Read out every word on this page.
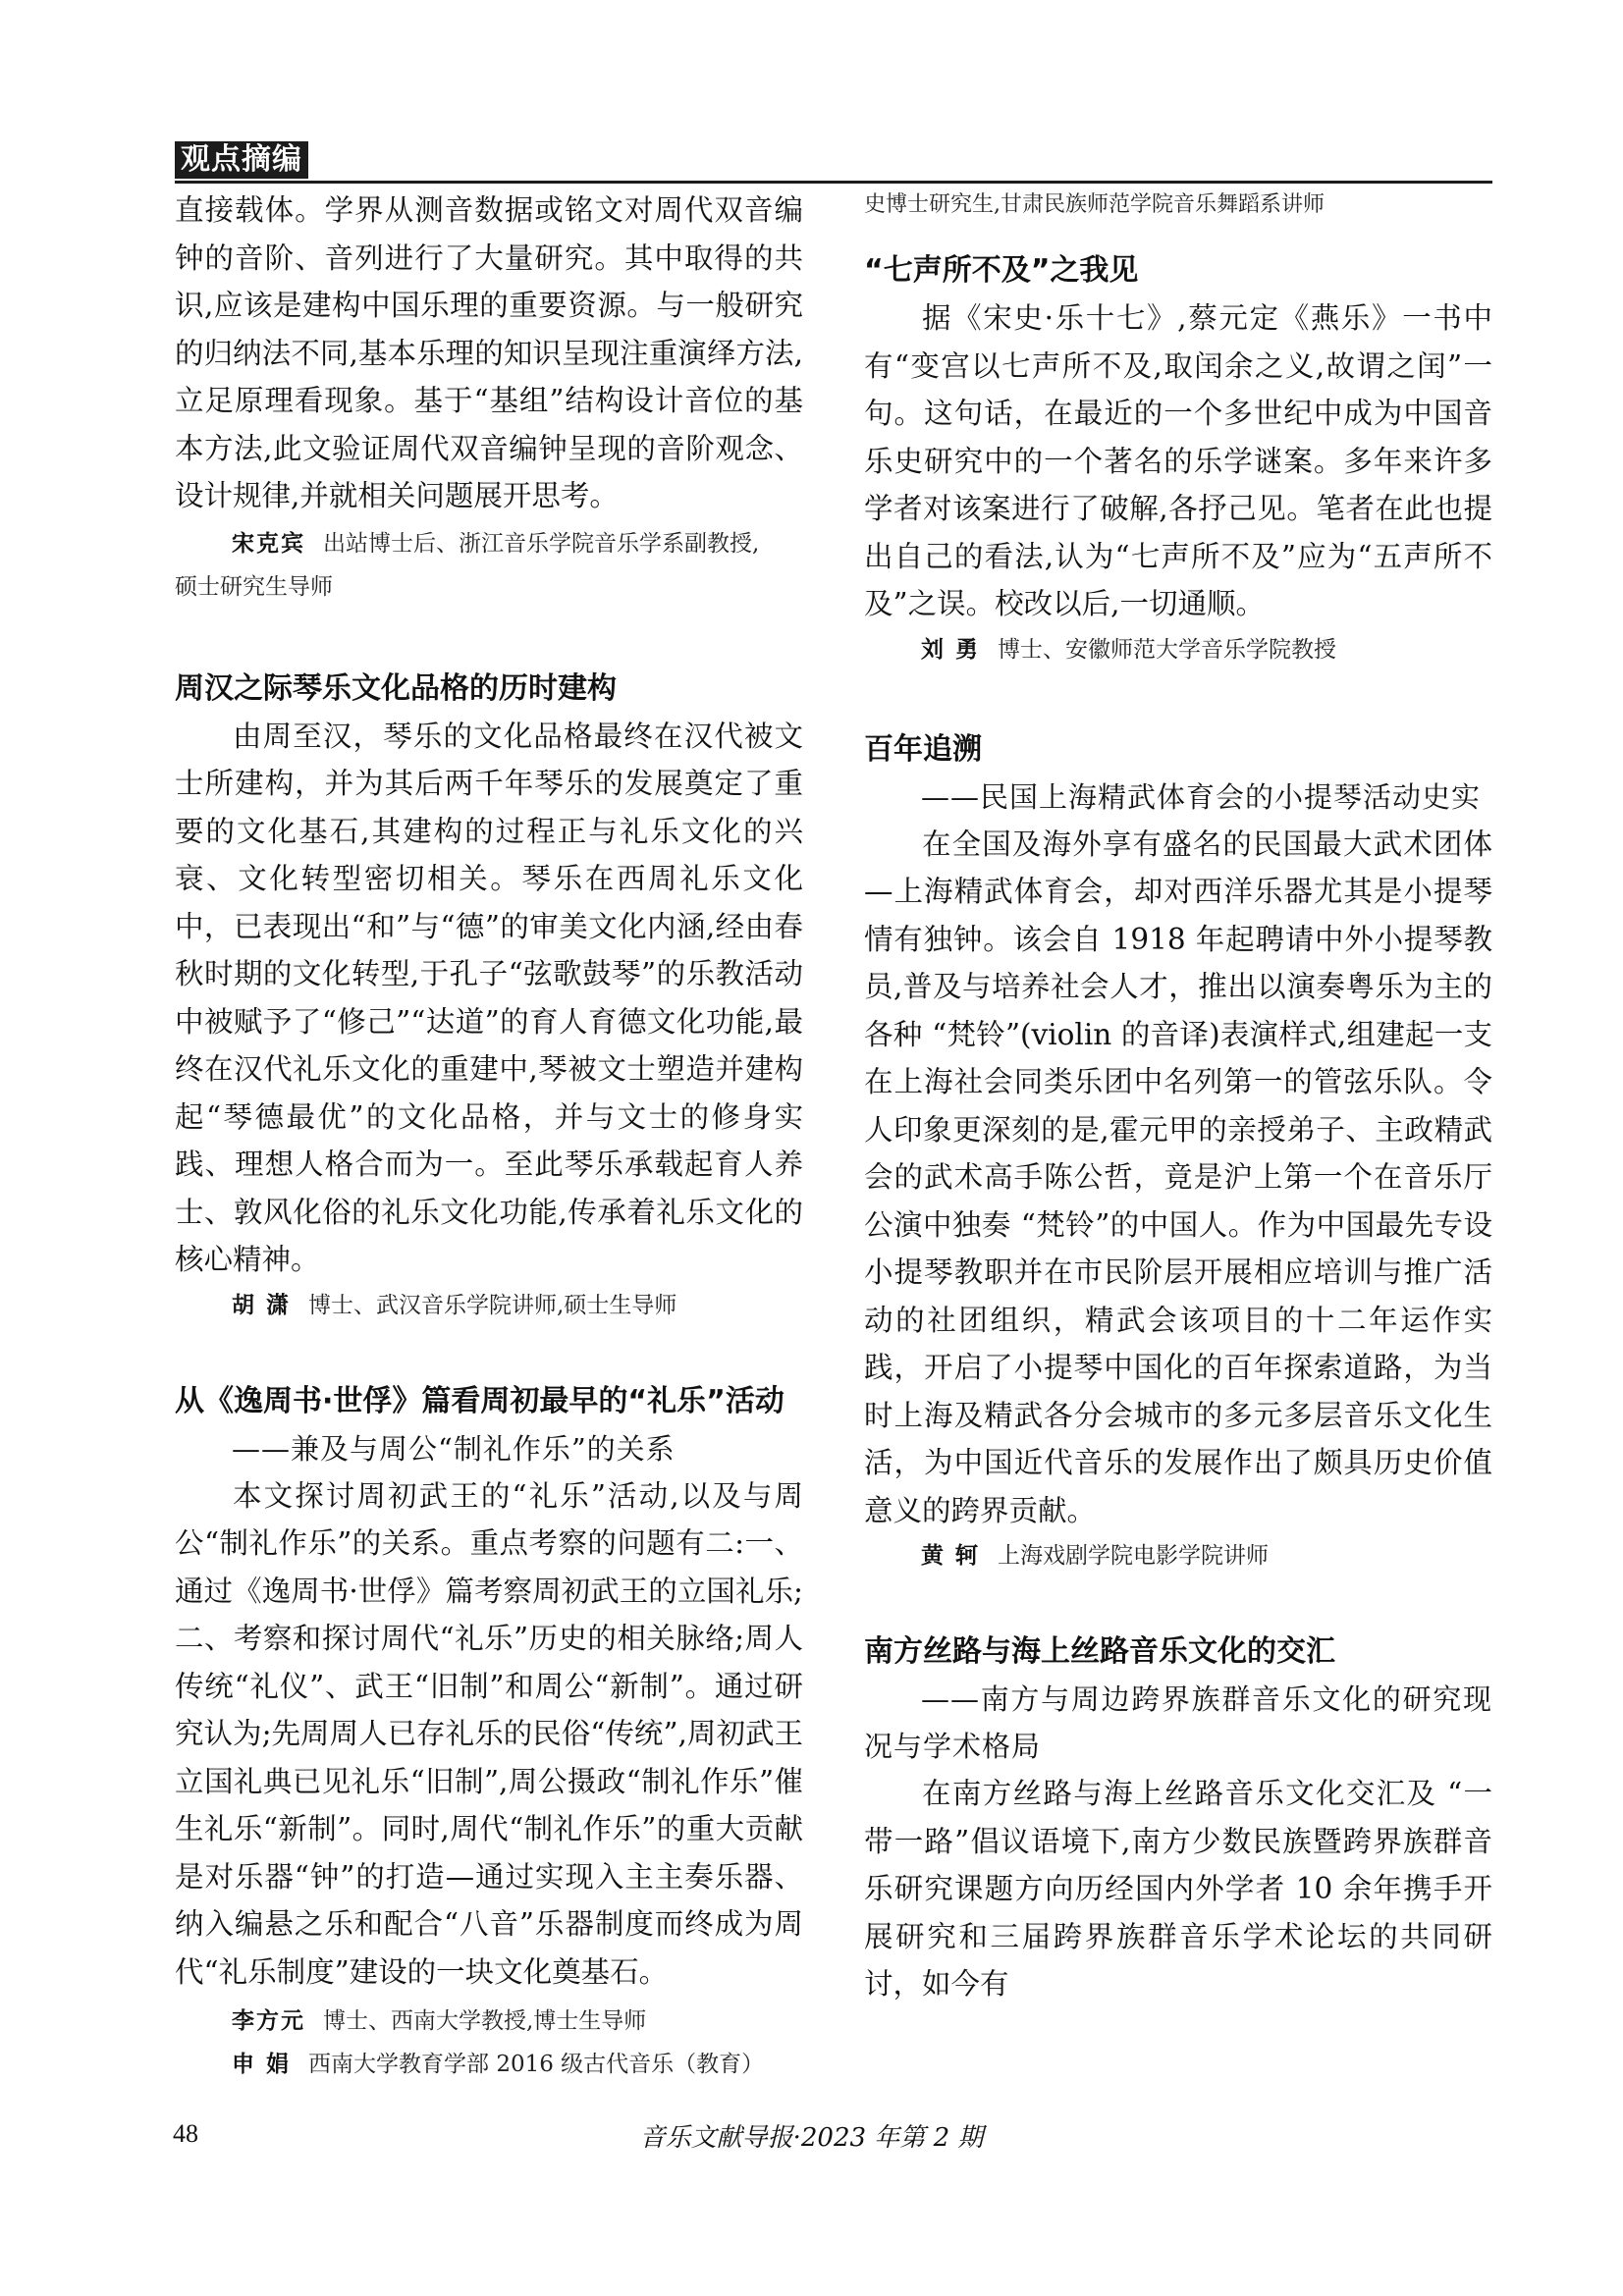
观点摘编

直接载体。学界从测音数据或铭文对周代双音编钟的音阶、音列进行了大量研究。其中取得的共识,应该是建构中国乐理的重要资源。与一般研究的归纳法不同,基本乐理的知识呈现注重演绎方法,立足原理看现象。基于“基组”结构设计音位的基本方法,此文验证周代双音编钟呈现的音阶观念、设计规律,并就相关问题展开思考。

宋克宾 出站博士后、浙江音乐学院音乐学系副教授,
硕士研究生导师
周汉之际琴乐文化品格的历时建构

由周至汉，琴乐的文化品格最终在汉代被文士所建构，并为其后两千年琴乐的发展奠定了重要的文化基石,其建构的过程正与礼乐文化的兴衰、文化转型密切相关。琴乐在西周礼乐文化中，已表现出“和”与“德”的审美文化内涵,经由春秋时期的文化转型,于孔子“弦歌鼓琴”的乐教活动中被赋予了“修己”“达道”的育人育德文化功能,最终在汉代礼乐文化的重建中,琴被文士塑造并建构起“琴德最优”的文化品格，并与文士的修身实践、理想人格合而为一。至此琴乐承载起育人养士、敦风化俗的礼乐文化功能,传承着礼乐文化的核心精神。

胡 潇 博士、武汉音乐学院讲师,硕士生导师
从《逸周书·世俘》篇看周初最早的“礼乐”活动
——兼及与周公“制礼作乐”的关系

本文探讨周初武王的“礼乐”活动,以及与周公“制礼作乐”的关系。重点考察的问题有二:一、通过《逸周书·世俘》篇考察周初武王的立国礼乐;二、考察和探讨周代“礼乐”历史的相关脉络;周人传统“礼仪”、武王“旧制”和周公“新制”。通过研究认为;先周周人已存礼乐的民俗“传统”,周初武王立国礼典已见礼乐“旧制”,周公摄政“制礼作乐”催生礼乐“新制”。同时,周代“制礼作乐”的重大贡献是对乐器“钟”的打造—通过实现入主主奏乐器、纳入编悬之乐和配合“八音”乐器制度而终成为周代“礼乐制度”建设的一块文化奠基石。

李方元 博士、西南大学教授,博士生导师
申 娟 西南大学教育学部 2016 级古代音乐（教育）
史博士研究生,甘肃民族师范学院音乐舞蹈系讲师
“七声所不及”之我见

据《宋史·乐十七》,蔡元定《燕乐》一书中有“变宫以七声所不及,取闰余之义,故谓之闰”一句。这句话，在最近的一个多世纪中成为中国音乐史研究中的一个著名的乐学谜案。多年来许多学者对该案进行了破解,各抒己见。笔者在此也提出自己的看法,认为“七声所不及”应为“五声所不及”之误。校改以后,一切通顺。

刘 勇 博士、安徽师范大学音乐学院教授
百年追溯
——民国上海精武体育会的小提琴活动史实

在全国及海外享有盛名的民国最大武术团体—上海精武体育会，却对西洋乐器尤其是小提琴情有独钟。该会自 1918 年起聘请中外小提琴教员,普及与培养社会人才，推出以演奏粤乐为主的各种 “梵铃”(violin 的音译)表演样式,组建起一支在上海社会同类乐团中名列第一的管弦乐队。令人印象更深刻的是,霍元甲的亲授弟子、主政精武会的武术高手陈公哲，竟是沪上第一个在音乐厅公演中独奏 “梵铃”的中国人。作为中国最先专设小提琴教职并在市民阶层开展相应培训与推广活动的社团组织，精武会该项目的十二年运作实践，开启了小提琴中国化的百年探索道路，为当时上海及精武各分会城市的多元多层音乐文化生活，为中国近代音乐的发展作出了颇具历史价值意义的跨界贡献。

黄 轲 上海戏剧学院电影学院讲师
南方丝路与海上丝路音乐文化的交汇
——南方与周边跨界族群音乐文化的研究现况与学术格局

在南方丝路与海上丝路音乐文化交汇及 “一带一路”倡议语境下,南方少数民族暨跨界族群音乐研究课题方向历经国内外学者 10 余年携手开展研究和三届跨界族群音乐学术论坛的共同研讨，如今有

48	音乐文献导报·2023 年第 2 期
